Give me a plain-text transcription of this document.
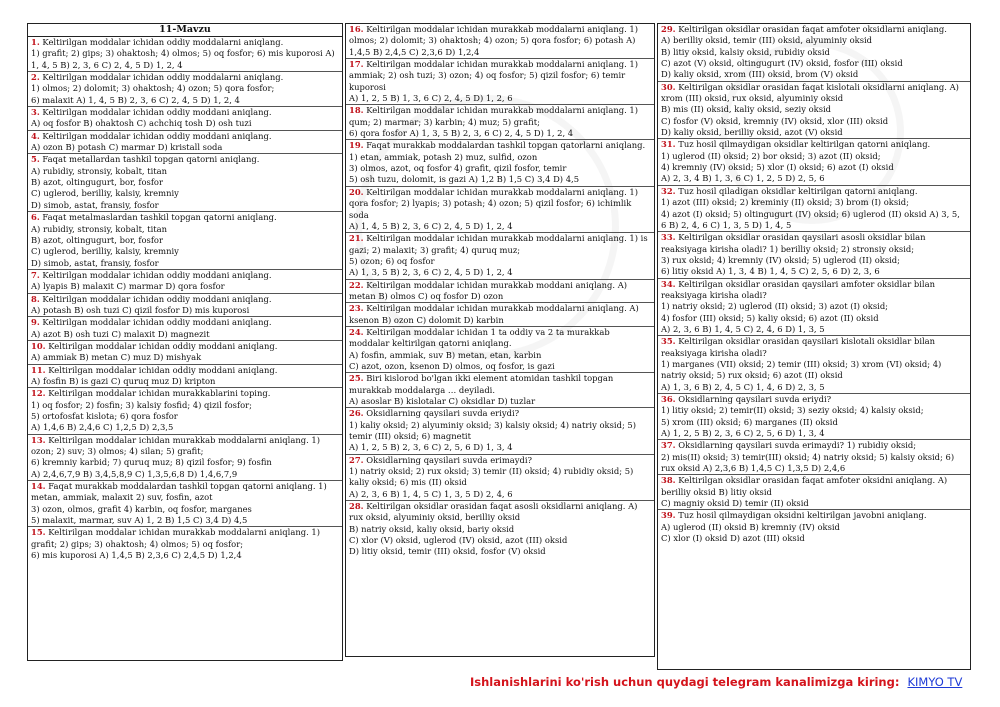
11-Mavzu
1. Keltirilgan moddalar ichidan oddiy moddalarni aniqlang.
1) grafit; 2) gips; 3) ohaktosh; 4) olmos; 5) oq fosfor; 6) mis kuporosi A) 1, 4, 5 B) 2, 3, 6 C) 2, 4, 5 D) 1, 2, 4
2. Keltirilgan moddalar ichidan oddiy moddalarni aniqlang.
1) olmos; 2) dolomit; 3) ohaktosh; 4) ozon; 5) qora fosfor;
6) malaxit A) 1, 4, 5 B) 2, 3, 6 C) 2, 4, 5 D) 1, 2, 4
3. Keltirilgan moddalar ichidan oddiy moddani aniqlang.
A) oq fosfor B) ohaktosh C) achchiq tosh D) osh tuzi
4. Keltirilgan moddalar ichidan oddiy moddani aniqlang.
A) ozon B) potash C) marmar D) kristall soda
5. Faqat metallardan tashkil topgan qatorni aniqlang.
A) rubidiy, stronsiy, kobalt, titan
B) azot, oltingugurt, bor, fosfor
C) uglerod, berilliy, kalsiy, kremniy
D) simob, astat, fransiy, fosfor
6. Faqat metalmaslardan tashkil topgan qatorni aniqlang.
A) rubidiy, stronsiy, kobalt, titan
B) azot, oltingugurt, bor, fosfor
C) uglerod, berilliy, kalsiy, kremniy
D) simob, astat, fransiy, fosfor
7. Keltirilgan moddalar ichidan oddiy moddani aniqlang.
A) lyapis B) malaxit C) marmar D) qora fosfor
8. Keltirilgan moddalar ichidan oddiy moddani aniqlang.
A) potash B) osh tuzi C) qizil fosfor D) mis kuporosi
9. Keltirilgan moddalar ichidan oddiy moddani aniqlang.
A) azot B) osh tuzi C) malaxit D) magnezit
10. Keltirilgan moddalar ichidan oddiy moddani aniqlang.
A) ammiak B) metan C) muz D) mishyak
11. Keltirilgan moddalar ichidan oddiy moddani aniqlang.
A) fosfin B) is gazi C) quruq muz D) kripton
12. Keltirilgan moddalar ichidan murakkablarini toping.
1) oq fosfor; 2) fosfin; 3) kalsiy fosfid; 4) qizil fosfor;
5) ortofosfat kislota; 6) qora fosfor
A) 1,4,6 B) 2,4,6 C) 1,2,5 D) 2,3,5
13. Keltirilgan moddalar ichidan murakkab moddalarni aniqlang. 1) ozon; 2) suv; 3) olmos; 4) silan; 5) grafit;
6) kremniy karbid; 7) quruq muz; 8) qizil fosfor; 9) fosfin
A) 2,4,6,7,9 B) 3,4,5,8,9 C) 1,3,5,6,8 D) 1,4,6,7,9
14. Faqat murakkab moddalardan tashkil topgan qatorni aniqlang. 1) metan, ammiak, malaxit 2) suv, fosfin, azot
3) ozon, olmos, grafit 4) karbin, oq fosfor, marganes
5) malaxit, marmar, suv A) 1, 2 B) 1,5 C) 3,4 D) 4,5
15. Keltirilgan moddalar ichidan murakkab moddalarni aniqlang. 1) grafit; 2) gips; 3) ohaktosh; 4) olmos; 5) oq fosfor;
6) mis kuporosi A) 1,4,5 B) 2,3,6 C) 2,4,5 D) 1,2,4
16. Keltirilgan moddalar ichidan murakkab moddalarni aniqlang. 1) olmos; 2) dolomit; 3) ohaktosh; 4) ozon; 5) qora fosfor; 6) potash A) 1,4,5 B) 2,4,5 C) 2,3,6 D) 1,2,4
17. Keltirilgan moddalar ichidan murakkab moddalarni aniqlang. 1) ammiak; 2) osh tuzi; 3) ozon; 4) oq fosfor; 5) qizil fosfor; 6) temir kuporosi
A) 1, 2, 5 B) 1, 3, 6 C) 2, 4, 5 D) 1, 2, 6
18. Keltirilgan moddalar ichidan murakkab moddalarni aniqlang. 1) qum; 2) marmar; 3) karbin; 4) muz; 5) grafit;
6) qora fosfor A) 1, 3, 5 B) 2, 3, 6 C) 2, 4, 5 D) 1, 2, 4
19. Faqat murakkab moddalardan tashkil topgan qatorlarni aniqlang. 1) etan, ammiak, potash 2) muz, sulfid, ozon
3) olmos, azot, oq fosfor 4) grafit, qizil fosfor, temir
5) osh tuzu, dolomit, is gazi A) 1,2 B) 1,5 C) 3,4 D) 4,5
20. Keltirilgan moddalar ichidan murakkab moddalarni aniqlang. 1) qora fosfor; 2) lyapis; 3) potash; 4) ozon; 5) qizil fosfor; 6) ichimlik soda
A) 1, 4, 5 B) 2, 3, 6 C) 2, 4, 5 D) 1, 2, 4
21. Keltirilgan moddalar ichidan murakkab moddalarni aniqlang. 1) is gazi; 2) malaxit; 3) grafit; 4) quruq muz;
5) ozon; 6) oq fosfor
A) 1, 3, 5 B) 2, 3, 6 C) 2, 4, 5 D) 1, 2, 4
22. Keltirilgan moddalar ichidan murakkab moddani aniqlang. A) metan B) olmos C) oq fosfor D) ozon
23. Keltirilgan moddalar ichidan murakkab moddalarni aniqlang. A) ksenon B) ozon C) dolomit D) karbin
24. Keltirilgan moddalar ichidan 1 ta oddiy va 2 ta murakkab moddalar keltirilgan qatorni aniqlang.
A) fosfin, ammiak, suv B) metan, etan, karbin
C) azot, ozon, ksenon D) olmos, oq fosfor, is gazi
25. Biri kislorod bo'lgan ikki element atomidan tashkil topgan murakkab moddalarga … deyiladi.
A) asoslar B) kislotalar C) oksidlar D) tuzlar
26. Oksidlarning qaysilari suvda eriydi?
1) kaliy oksid; 2) alyuminiy oksid; 3) kalsiy oksid; 4) natriy oksid; 5) temir (III) oksid; 6) magnetit
A) 1, 2, 5 B) 2, 3, 6 C) 2, 5, 6 D) 1, 3, 4
27. Oksidlarning qaysilari suvda erimaydi?
1) natriy oksid; 2) rux oksid; 3) temir (II) oksid; 4) rubidiy oksid; 5) kaliy oksid; 6) mis (II) oksid
A) 2, 3, 6 B) 1, 4, 5 C) 1, 3, 5 D) 2, 4, 6
28. Keltirilgan oksidlar orasidan faqat asosli oksidlarni aniqlang. A) rux oksid, alyuminiy oksid, berilliy oksid
B) natriy oksid, kaliy oksid, bariy oksid
C) xlor (V) oksid, uglerod (IV) oksid, azot (III) oksid
D) litiy oksid, temir (III) oksid, fosfor (V) oksid
29. Keltirilgan oksidlar orasidan faqat amfoter oksidlarni aniqlang.
A) berilliy oksid, temir (III) oksid, alyuminiy oksid
B) litiy oksid, kalsiy oksid, rubidiy oksid
C) azot (V) oksid, oltingugurt (IV) oksid, fosfor (III) oksid
D) kaliy oksid, xrom (III) oksid, brom (V) oksid
30. Keltirilgan oksidlar orasidan faqat kislotali oksidlarni aniqlang. A) xrom (III) oksid, rux oksid, alyuminiy oksid
B) mis (II) oksid, kaliy oksid, seziy oksid
C) fosfor (V) oksid, kremniy (IV) oksid, xlor (III) oksid
D) kaliy oksid, berilliy oksid, azot (V) oksid
31. Tuz hosil qilmaydigan oksidlar keltirilgan qatorni aniqlang.
1) uglerod (II) oksid; 2) bor oksid; 3) azot (II) oksid;
4) kremniy (IV) oksid; 5) xlor (I) oksid; 6) azot (I) oksid
A) 2, 3, 4 B) 1, 3, 6 C) 1, 2, 5 D) 2, 5, 6
32. Tuz hosil qiladigan oksidlar keltirilgan qatorni aniqlang.
1) azot (III) oksid; 2) kreminiy (II) oksid; 3) brom (I) oksid;
4) azot (I) oksid; 5) oltingugurt (IV) oksid; 6) uglerod (II) oksid A) 3, 5, 6 B) 2, 4, 6 C) 1, 3, 5 D) 1, 4, 5
33. Keltirilgan oksidlar orasidan qaysilari asosli oksidlar bilan reaksiyaga kirisha oladi? 1) berilliy oksid; 2) stronsiy oksid;
3) rux oksid; 4) kremniy (IV) oksid; 5) uglerod (II) oksid;
6) litiy oksid A) 1, 3, 4 B) 1, 4, 5 C) 2, 5, 6 D) 2, 3, 6
34. Keltirilgan oksidlar orasidan qaysilari amfoter oksidlar bilan reaksiyaga kirisha oladi?
1) natriy oksid; 2) uglerod (II) oksid; 3) azot (I) oksid;
4) fosfor (III) oksid; 5) kaliy oksid; 6) azot (II) oksid
A) 2, 3, 6 B) 1, 4, 5 C) 2, 4, 6 D) 1, 3, 5
35. Keltirilgan oksidlar orasidan qaysilari kislotali oksidlar bilan reaksiyaga kirisha oladi?
1) marganes (VII) oksid; 2) temir (III) oksid; 3) xrom (VI) oksid; 4) natriy oksid; 5) rux oksid; 6) azot (II) oksid
A) 1, 3, 6 B) 2, 4, 5 C) 1, 4, 6 D) 2, 3, 5
36. Oksidlarning qaysilari suvda eriydi?
1) litiy oksid; 2) temir(II) oksid; 3) seziy oksid; 4) kalsiy oksid;
5) xrom (III) oksid; 6) marganes (II) oksid
A) 1, 2, 5 B) 2, 3, 6 C) 2, 5, 6 D) 1, 3, 4
37. Oksidlarning qaysilari suvda erimaydi? 1) rubidiy oksid;
2) mis(II) oksid; 3) temir(III) oksid; 4) natriy oksid; 5) kalsiy oksid; 6) rux oksid A) 2,3,6 B) 1,4,5 C) 1,3,5 D) 2,4,6
38. Keltirilgan oksidlar orasidan faqat amfoter oksidni aniqlang. A) berilliy oksid B) litiy oksid
C) magniy oksid D) temir (II) oksid
39. Tuz hosil qilmaydigan oksidni keltirilgan javobni aniqlang.
A) uglerod (II) oksid B) kremniy (IV) oksid
C) xlor (I) oksid D) azot (III) oksid
Ishlanishlarini ko'rish uchun quydagi telegram kanalimizga kiring: KIMYO TV
